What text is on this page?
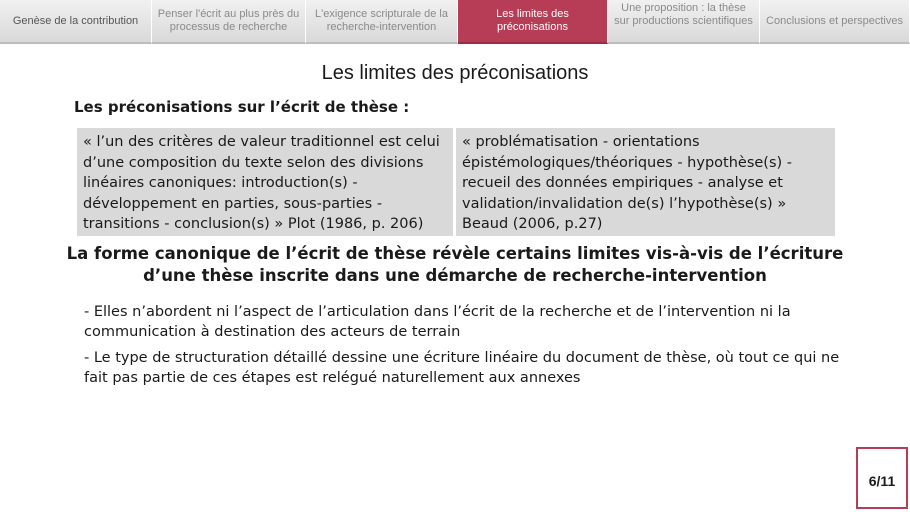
Genèse de la contribution
Penser l'écrit au plus près du processus de recherche
L'exigence scripturale de la recherche-intervention
Les limites des préconisations
Une proposition : la thèse sur productions scientifiques	Conclusions et perspectives
Les limites des préconisations
Les préconisations sur l’écrit de thèse :
« l’un des critères de valeur traditionnel est celui d’une composition du texte selon des divisions linéaires canoniques: introduction(s) - développement en parties, sous-parties - transitions - conclusion(s) » Plot (1986, p. 206)
« problématisation - orientations épistémologiques/théoriques - hypothèse(s) - recueil des données empiriques - analyse et validation/invalidation de(s) l’hypothèse(s) » Beaud (2006, p.27)
La forme canonique de l’écrit de thèse révèle certains limites vis-à-vis de l’écriture d’une thèse inscrite dans une démarche de recherche-intervention
- Elles n’abordent ni l’aspect de l’articulation dans l’écrit de la recherche et de l’intervention ni la communication à destination des acteurs de terrain
- Le type de structuration détaillé dessine une écriture linéaire du document de thèse, où tout ce qui ne fait pas partie de ces étapes est relégué naturellement aux annexes
6/11
